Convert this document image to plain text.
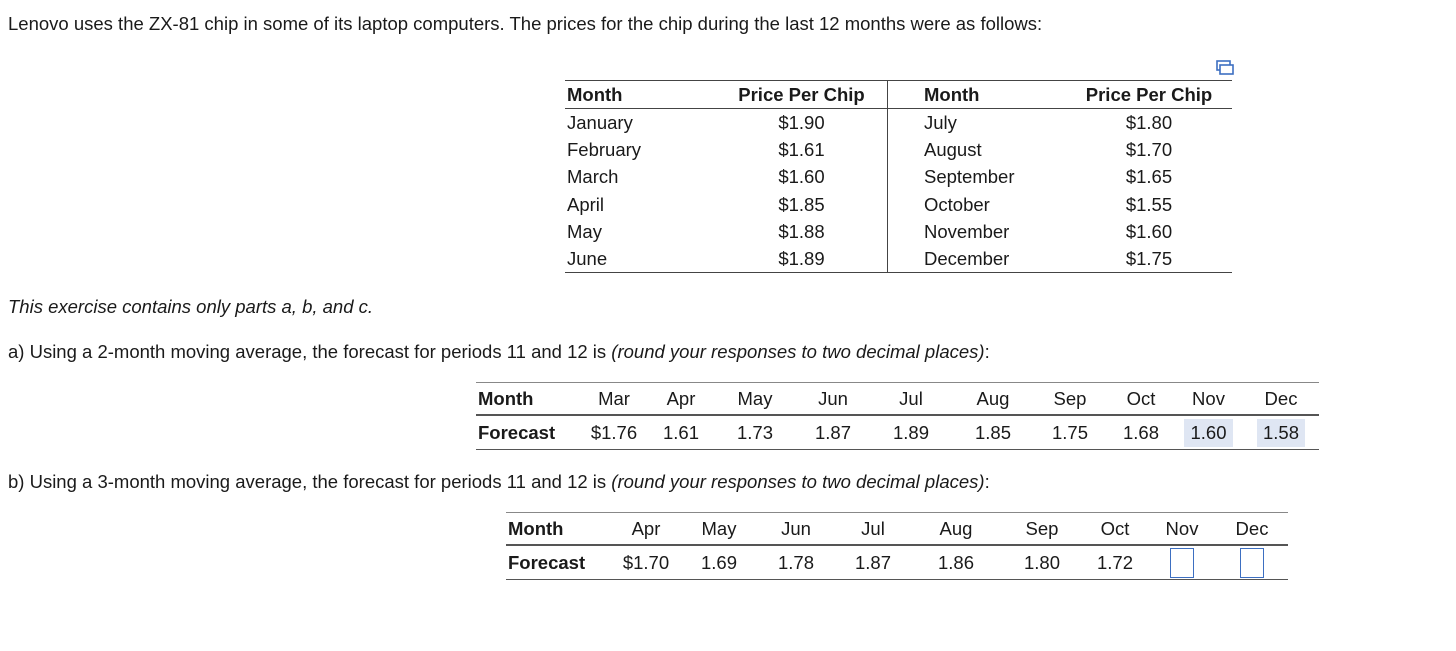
Lenovo uses the ZX-81 chip in some of its laptop computers. The prices for the chip during the last 12 months were as follows:
Month	Price Per Chip	Month	Price Per Chip
January	$1.90	July	$1.80
February	$1.61	August	$1.70
March	$1.60	September	$1.65
April	$1.85	October	$1.55
May	$1.88	November	$1.60
June	$1.89	December	$1.75
This exercise contains only parts a, b, and c.
a) Using a 2-month moving average, the forecast for periods 11 and 12 is (round your responses to two decimal places):
Month	Mar	Apr	May	Jun	Jul	Aug	Sep	Oct	Nov	Dec
Forecast	$1.76	1.61	1.73	1.87	1.89	1.85	1.75	1.68	1.60	1.58
b) Using a 3-month moving average, the forecast for periods 11 and 12 is (round your responses to two decimal places):
Month	Apr	May	Jun	Jul	Aug	Sep	Oct	Nov	Dec
Forecast	$1.70	1.69	1.78	1.87	1.86	1.80	1.72		
